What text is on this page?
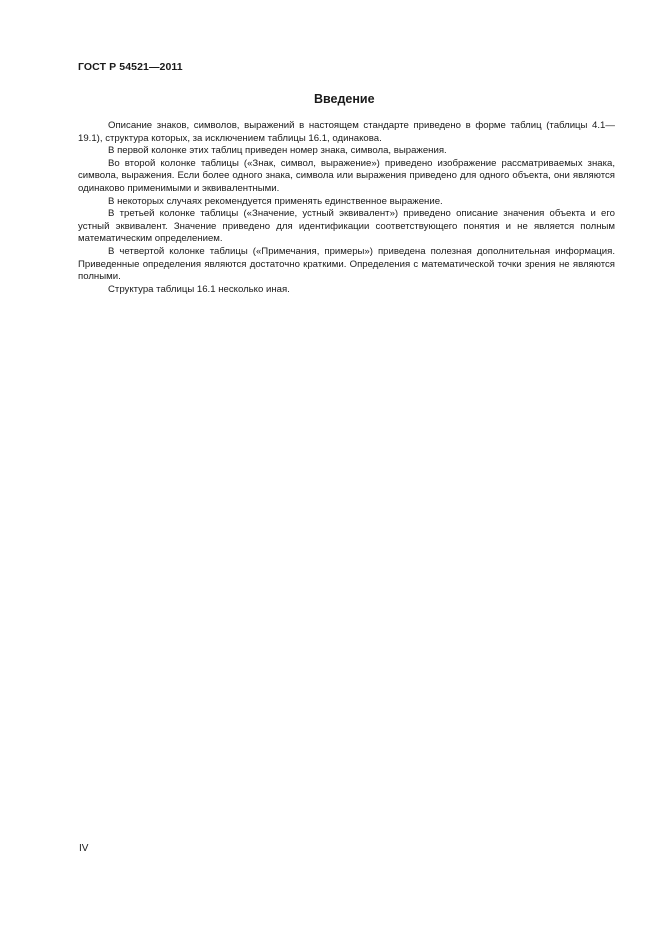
ГОСТ Р 54521—2011

Введение

Описание знаков, символов, выражений в настоящем стандарте приведено в форме таблиц (таблицы 4.1—19.1), структура которых, за исключением таблицы 16.1, одинакова.

В первой колонке этих таблиц приведен номер знака, символа, выражения.

Во второй колонке таблицы («Знак, символ, выражение») приведено изображение рассматриваемых знака, символа, выражения. Если более одного знака, символа или выражения приведено для одного объекта, они являются одинаково применимыми и эквивалентными.

В некоторых случаях рекомендуется применять единственное выражение.

В третьей колонке таблицы («Значение, устный эквивалент») приведено описание значения объекта и его устный эквивалент. Значение приведено для идентификации соответствующего понятия и не является полным математическим определением.

В четвертой колонке таблицы («Примечания, примеры») приведена полезная дополнительная информация. Приведенные определения являются достаточно краткими. Определения с математической точки зрения не являются полными.

Структура таблицы 16.1 несколько иная.

IV
